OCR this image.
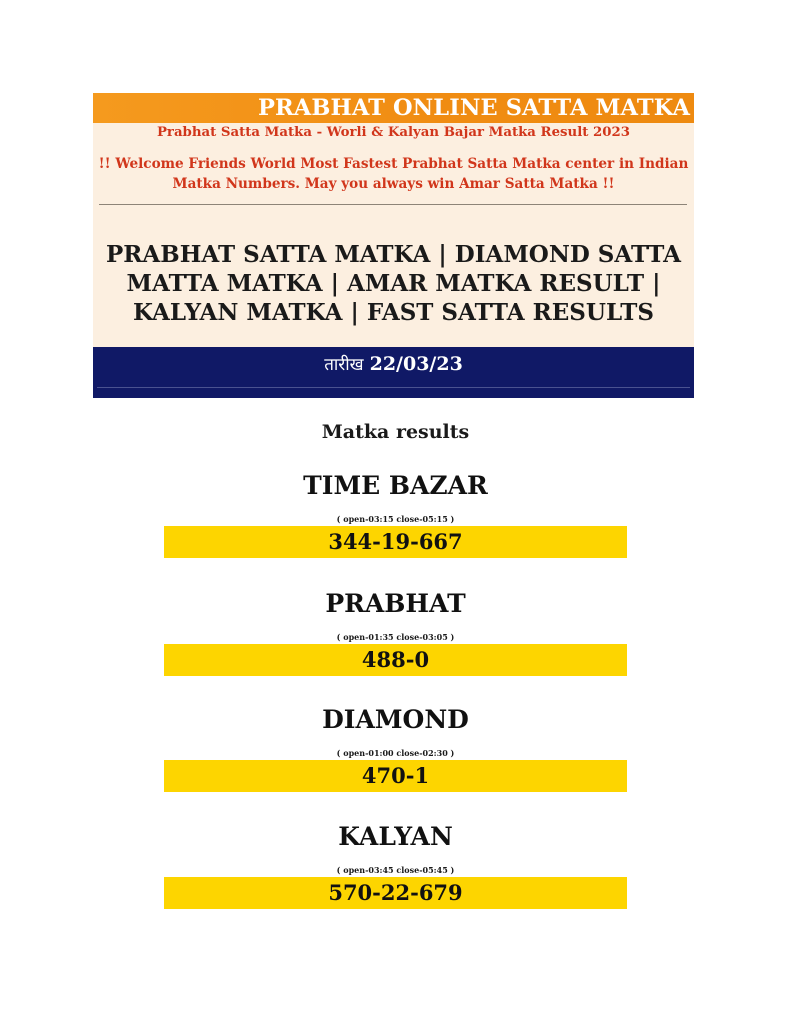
PRABHAT ONLINE SATTA MATKA
Prabhat Satta Matka - Worli & Kalyan Bajar Matka Result 2023
!! Welcome Friends World Most Fastest Prabhat Satta Matka center in Indian
Matka Numbers. May you always win Amar Satta Matka !!
PRABHAT SATTA MATKA | DIAMOND SATTA
MATTA MATKA | AMAR MATKA RESULT |
KALYAN MATKA | FAST SATTA RESULTS
तारीख 22/03/23
Matka results
TIME BAZAR
( open-03:15 close-05:15 )
344-19-667
PRABHAT
( open-01:35 close-03:05 )
488-0
DIAMOND
( open-01:00 close-02:30 )
470-1
KALYAN
( open-03:45 close-05:45 )
570-22-679
